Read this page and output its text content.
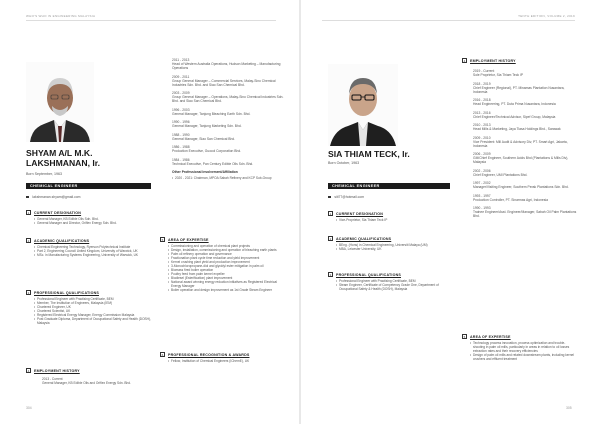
WHO'S WHO IN ENGINEERING MALAYSIA	TENTH EDITION, VOLUME 2, 2019
304	305
SHYAM A/L M.K.
LAKSHMANAN, Ir.
Born September, 1963
CHEMICAL ENGINEER
lakshmanan.shyam@gmail.com
1	CURRENT DESIGNATION
• General Manager, KB Edible Oils Sdn. Bhd.
• General Manager and Director, Oriflex Energy Sdn. Bhd.
2	ACADEMIC QUALIFICATIONS
• Chemical Engineering Technology, Ryerson Polytechnical Institute
• Part 2, Engineering Council United Kingdom, University of Warwick, UK
• MSc. in Manufacturing Systems Engineering, University of Warwick, UK
3	PROFESSIONAL QUALIFICATIONS
• Professional Engineer with Practising Certificate, BEM
• Member, The Institution of Engineers, Malaysia (IEM)
• Chartered Engineer, UK
• Chartered Scientist, UK
• Registered Electrical Energy Manager, Energy Commission Malaysia
• Post Graduate Diploma, Department of Occupational Safety and Health (DOSH), Malaysia
4	EMPLOYMENT HISTORY
2013 - Current
General Manager, KB Edible Oils and Oriflex Energy Sdn. Bhd.
2011 - 2013
Head of Western Australia Operations, Hudson Marketing – Manufacturing Operations
2009 - 2011
Group General Manager – Commercial Services, Malay-Sino Chemical Industries Sdn. Bhd. and Siao San Chemical Bhd.
2003 - 2009
Group General Manager – Operations, Malay-Sino Chemical Industries Sdn. Bhd. and Siao San Chemical Bhd.
1996 - 2003
General Manager, Tanjung Bleaching Earth Sdn. Bhd.
1990 - 1996
General Manager, Tanjung Marketing Sdn. Bhd.
1988 - 1990
General Manager, Siao San Chemical Bhd.
1986 - 1988
Production Executive, Guocol Corporation Bhd.
1984 - 1986
Technical Executive, Pan Century Edible Oils Sdn. Bhd.
Other Professional Involvement/Affiliation
• 2020 - 2021: Chairman, MPOA Sabah Refinery and KCP Sub-Group
5	AREA OF EXPERTISE
• Commissioning and operation of chemical plant projects
• Design, installation, commissioning and operation of bleaching earth plants
• Palm oil refinery operation and governance
• Fractionation plant cycle time reduction and yield improvement
• Kernel crushing plant yield and production improvement
• 3-Monochloropropane-diol and glycidyl ester mitigation in palm oil
• Biomass fired boiler operation
• Poultry feed from palm kernel expeller
• Biodiesel (Esterification) plant improvement
• National award winning energy reduction initiatives as Registered Electrical Energy Manager
• Boiler operation and design improvement as 1st Grade Steam Engineer
6	PROFESSIONAL RECOGNITION & AWARDS
• Fellow, Institution of Chemical Engineers (IChemE), UK
SIA THIAM TECK, Ir.
Born October, 1963
CHEMICAL ENGINEER
siti77@hotmail.com
1	CURRENT DESIGNATION
• Vice-Proprietor, Sia Thiam Teck IP
2	ACADEMIC QUALIFICATIONS
• BEng. (Hons) in Chemical Engineering, Universiti Malaya (UM)
• MBA, Leicester University, UK
3	PROFESSIONAL QUALIFICATIONS
• Professional Engineer with Practising Certificate, BEM
• Steam Engineer, Certificate of Competency Grade One, Department of Occupational Safety & Health (DOSH), Malaysia
4	EMPLOYMENT HISTORY
2019 - Current
Sole Proprietor, Sia Thiam Teck IP
2018 - 2019
Chief Engineer (Regional), PT. Minamas Plantation Nusantara, Indonesia
2016 - 2018
Head Engineering, PT. Duta Prima Nusantara, Indonesia
2013 - 2016
Chief Engineer/Technical Advisor, Sipef Group, Malaysia
2010 - 2013
Head Mills & Marketing, Jaya Tiasa Holdings Bhd., Sarawak
2009 - 2010
Vice President: Mill Audit & Advisory Div, PT. Smart Agri, Jakarta, Indonesia
2006 - 2009
GM/Chief Engineer, Southern Acids Bhd (Plantations & Mills Div), Malaysia
2002 - 2006
Chief Engineer, UMI Plantations Bhd.
1997 - 2002
Manager/Visiting Engineer, Southern Perak Plantations Sdn. Bhd.
1993 - 1997
Production Controller, PT. Sinarmas Agri, Indonesia
1990 - 1993
Trainee Engineer/Asst. Engineer/Manager, Sabah Oil Palm Plantations Bhd.
5	AREA OF EXPERTISE
• Technology process innovation, process optimization and trouble-shooting in palm oil mills, particularly in areas in relation to oil losses extraction rates and their recovery efficiencies
• Design of palm oil mills and related downstream plants, including kernel crushers and effluent treatment
